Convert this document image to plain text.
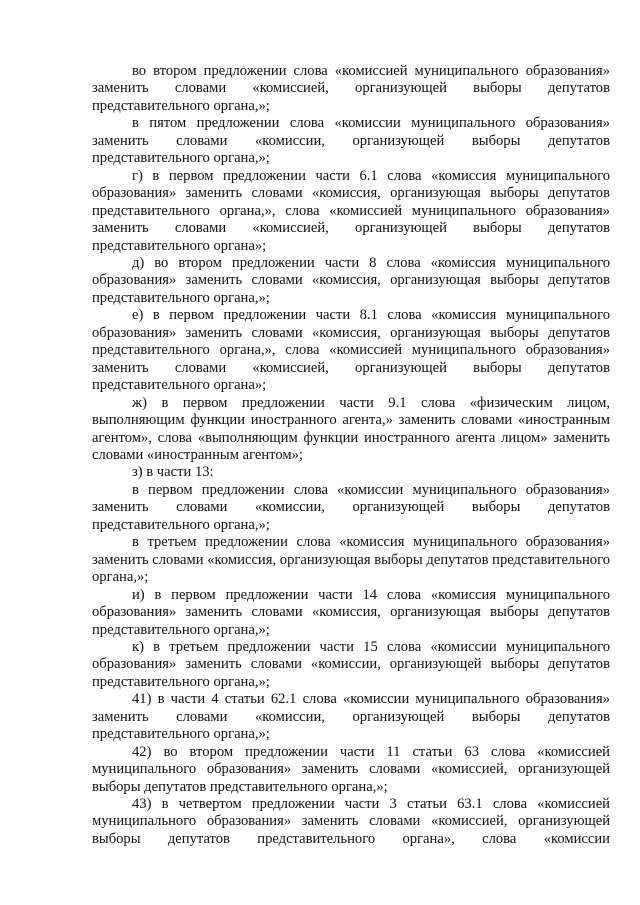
во втором предложении слова «комиссией муниципального образования» заменить словами «комиссией, организующей выборы депутатов представительного органа,»;

в пятом предложении слова «комиссии муниципального образования» заменить словами «комиссии, организующей выборы депутатов представительного органа,»;

г) в первом предложении части 6.1 слова «комиссия муниципального образования» заменить словами «комиссия, организующая выборы депутатов представительного органа,», слова «комиссией муниципального образования» заменить словами «комиссией, организующей выборы депутатов представительного органа»;

д) во втором предложении части 8 слова «комиссия муниципального образования» заменить словами «комиссия, организующая выборы депутатов представительного органа,»;

е) в первом предложении части 8.1 слова «комиссия муниципального образования» заменить словами «комиссия, организующая выборы депутатов представительного органа,», слова «комиссией муниципального образования» заменить словами «комиссией, организующей выборы депутатов представительного органа»;

ж) в первом предложении части 9.1 слова «физическим лицом, выполняющим функции иностранного агента,» заменить словами «иностранным агентом», слова «выполняющим функции иностранного агента лицом» заменить словами «иностранным агентом»;

з) в части 13:

в первом предложении слова «комиссии муниципального образования» заменить словами «комиссии, организующей выборы депутатов представительного органа,»;

в третьем предложении слова «комиссия муниципального образования» заменить словами «комиссия, организующая выборы депутатов представительного органа,»;

и) в первом предложении части 14 слова «комиссия муниципального образования» заменить словами «комиссия, организующая выборы депутатов представительного органа,»;

к) в третьем предложении части 15 слова «комиссии муниципального образования» заменить словами «комиссии, организующей выборы депутатов представительного органа,»;

41) в части 4 статьи 62.1 слова «комиссии муниципального образования» заменить словами «комиссии, организующей выборы депутатов представительного органа,»;

42) во втором предложении части 11 статьи 63 слова «комиссией муниципального образования» заменить словами «комиссией, организующей выборы депутатов представительного органа,»;

43) в четвертом предложении части 3 статьи 63.1 слова «комиссией муниципального образования» заменить словами «комиссией, организующей выборы депутатов представительного органа», слова «комиссии
